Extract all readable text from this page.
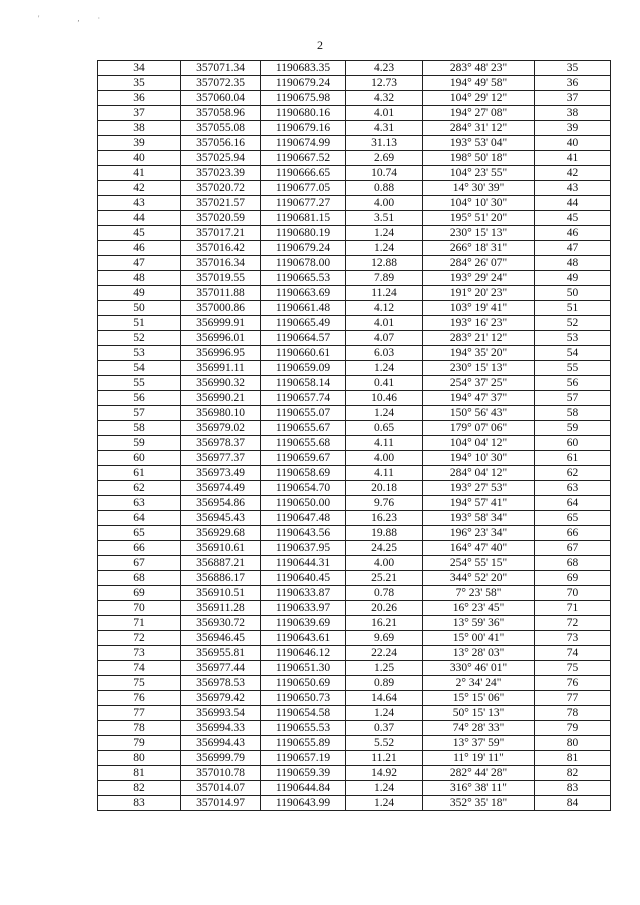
' ,·
2
34	357071.34	1190683.35	4.23	283° 48' 23"	35
35	357072.35	1190679.24	12.73	194° 49' 58"	36
36	357060.04	1190675.98	4.32	104° 29' 12"	37
37	357058.96	1190680.16	4.01	194° 27' 08"	38
38	357055.08	1190679.16	4.31	284° 31' 12"	39
39	357056.16	1190674.99	31.13	193° 53' 04"	40
40	357025.94	1190667.52	2.69	198° 50' 18"	41
41	357023.39	1190666.65	10.74	104° 23' 55"	42
42	357020.72	1190677.05	0.88	14° 30' 39"	43
43	357021.57	1190677.27	4.00	104° 10' 30"	44
44	357020.59	1190681.15	3.51	195° 51' 20"	45
45	357017.21	1190680.19	1.24	230° 15' 13"	46
46	357016.42	1190679.24	1.24	266° 18' 31"	47
47	357016.34	1190678.00	12.88	284° 26' 07"	48
48	357019.55	1190665.53	7.89	193° 29' 24"	49
49	357011.88	1190663.69	11.24	191° 20' 23"	50
50	357000.86	1190661.48	4.12	103° 19' 41"	51
51	356999.91	1190665.49	4.01	193° 16' 23"	52
52	356996.01	1190664.57	4.07	283° 21' 12"	53
53	356996.95	1190660.61	6.03	194° 35' 20"	54
54	356991.11	1190659.09	1.24	230° 15' 13"	55
55	356990.32	1190658.14	0.41	254° 37' 25"	56
56	356990.21	1190657.74	10.46	194° 47' 37"	57
57	356980.10	1190655.07	1.24	150° 56' 43"	58
58	356979.02	1190655.67	0.65	179° 07' 06"	59
59	356978.37	1190655.68	4.11	104° 04' 12"	60
60	356977.37	1190659.67	4.00	194° 10' 30"	61
61	356973.49	1190658.69	4.11	284° 04' 12"	62
62	356974.49	1190654.70	20.18	193° 27' 53"	63
63	356954.86	1190650.00	9.76	194° 57' 41"	64
64	356945.43	1190647.48	16.23	193° 58' 34"	65
65	356929.68	1190643.56	19.88	196° 23' 34"	66
66	356910.61	1190637.95	24.25	164° 47' 40"	67
67	356887.21	1190644.31	4.00	254° 55' 15"	68
68	356886.17	1190640.45	25.21	344° 52' 20"	69
69	356910.51	1190633.87	0.78	7° 23' 58"	70
70	356911.28	1190633.97	20.26	16° 23' 45"	71
71	356930.72	1190639.69	16.21	13° 59' 36"	72
72	356946.45	1190643.61	9.69	15° 00' 41"	73
73	356955.81	1190646.12	22.24	13° 28' 03"	74
74	356977.44	1190651.30	1.25	330° 46' 01"	75
75	356978.53	1190650.69	0.89	2° 34' 24"	76
76	356979.42	1190650.73	14.64	15° 15' 06"	77
77	356993.54	1190654.58	1.24	50° 15' 13"	78
78	356994.33	1190655.53	0.37	74° 28' 33"	79
79	356994.43	1190655.89	5.52	13° 37' 59"	80
80	356999.79	1190657.19	11.21	11° 19' 11"	81
81	357010.78	1190659.39	14.92	282° 44' 28"	82
82	357014.07	1190644.84	1.24	316° 38' 11"	83
83	357014.97	1190643.99	1.24	352° 35' 18"	84
